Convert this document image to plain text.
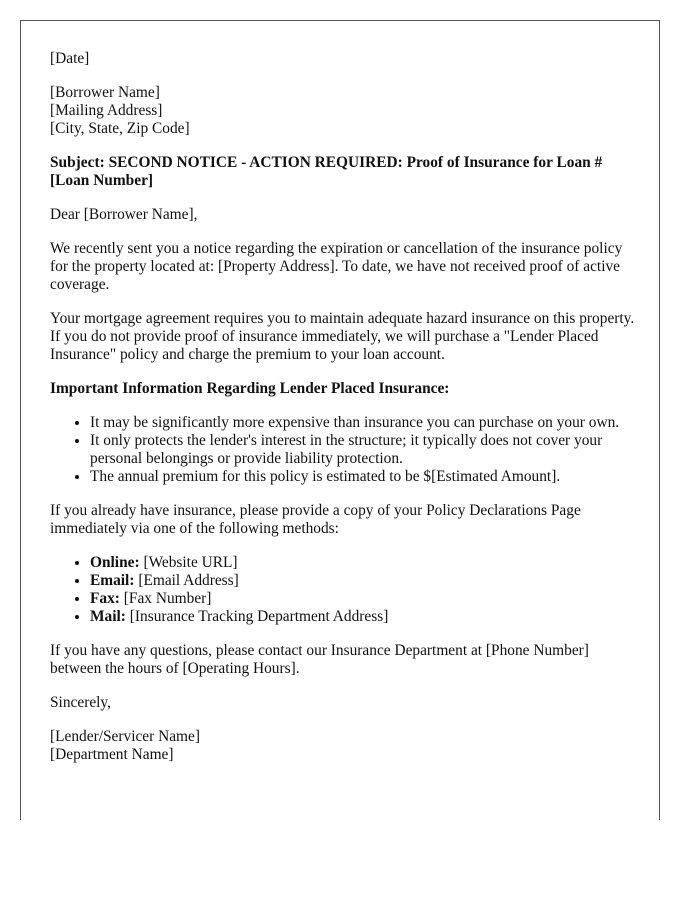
[Date]

[Borrower Name]
[Mailing Address]
[City, State, Zip Code]

Subject: SECOND NOTICE - ACTION REQUIRED: Proof of Insurance for Loan # [Loan Number]

Dear [Borrower Name],

We recently sent you a notice regarding the expiration or cancellation of the insurance policy for the property located at: [Property Address]. To date, we have not received proof of active coverage.

Your mortgage agreement requires you to maintain adequate hazard insurance on this property. If you do not provide proof of insurance immediately, we will purchase a "Lender Placed Insurance" policy and charge the premium to your loan account.

Important Information Regarding Lender Placed Insurance:

• It may be significantly more expensive than insurance you can purchase on your own.
• It only protects the lender's interest in the structure; it typically does not cover your personal belongings or provide liability protection.
• The annual premium for this policy is estimated to be $[Estimated Amount].

If you already have insurance, please provide a copy of your Policy Declarations Page immediately via one of the following methods:

• Online: [Website URL]
• Email: [Email Address]
• Fax: [Fax Number]
• Mail: [Insurance Tracking Department Address]

If you have any questions, please contact our Insurance Department at [Phone Number] between the hours of [Operating Hours].

Sincerely,

[Lender/Servicer Name]
[Department Name]
